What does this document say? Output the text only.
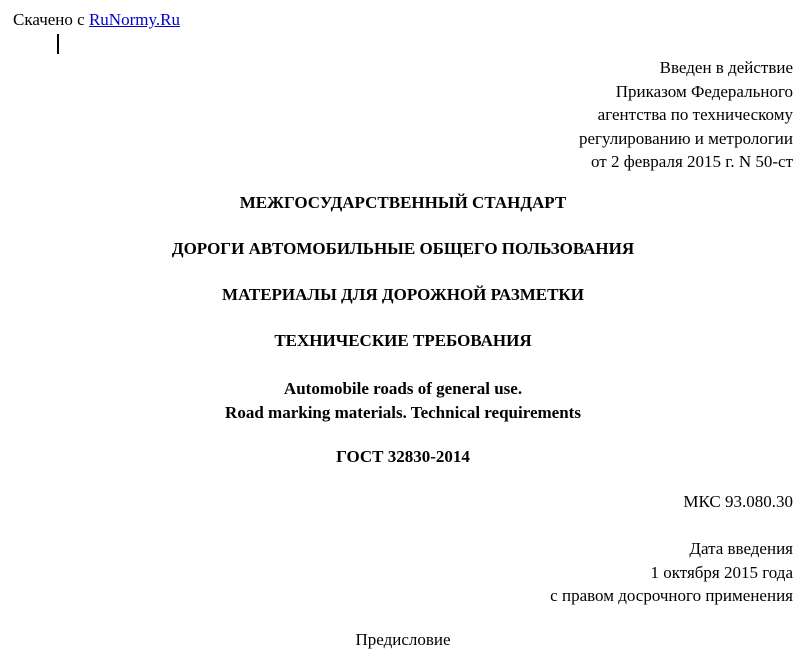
Скачено с RuNormy.Ru
Введен в действие
Приказом Федерального
агентства по техническому
регулированию и метрологии
от 2 февраля 2015 г. N 50-ст
МЕЖГОСУДАРСТВЕННЫЙ СТАНДАРТ
ДОРОГИ АВТОМОБИЛЬНЫЕ ОБЩЕГО ПОЛЬЗОВАНИЯ
МАТЕРИАЛЫ ДЛЯ ДОРОЖНОЙ РАЗМЕТКИ
ТЕХНИЧЕСКИЕ ТРЕБОВАНИЯ
Automobile roads of general use.
Road marking materials. Technical requirements
ГОСТ 32830-2014
МКС 93.080.30
Дата введения
1 октября 2015 года
с правом досрочного применения
Предисловие
